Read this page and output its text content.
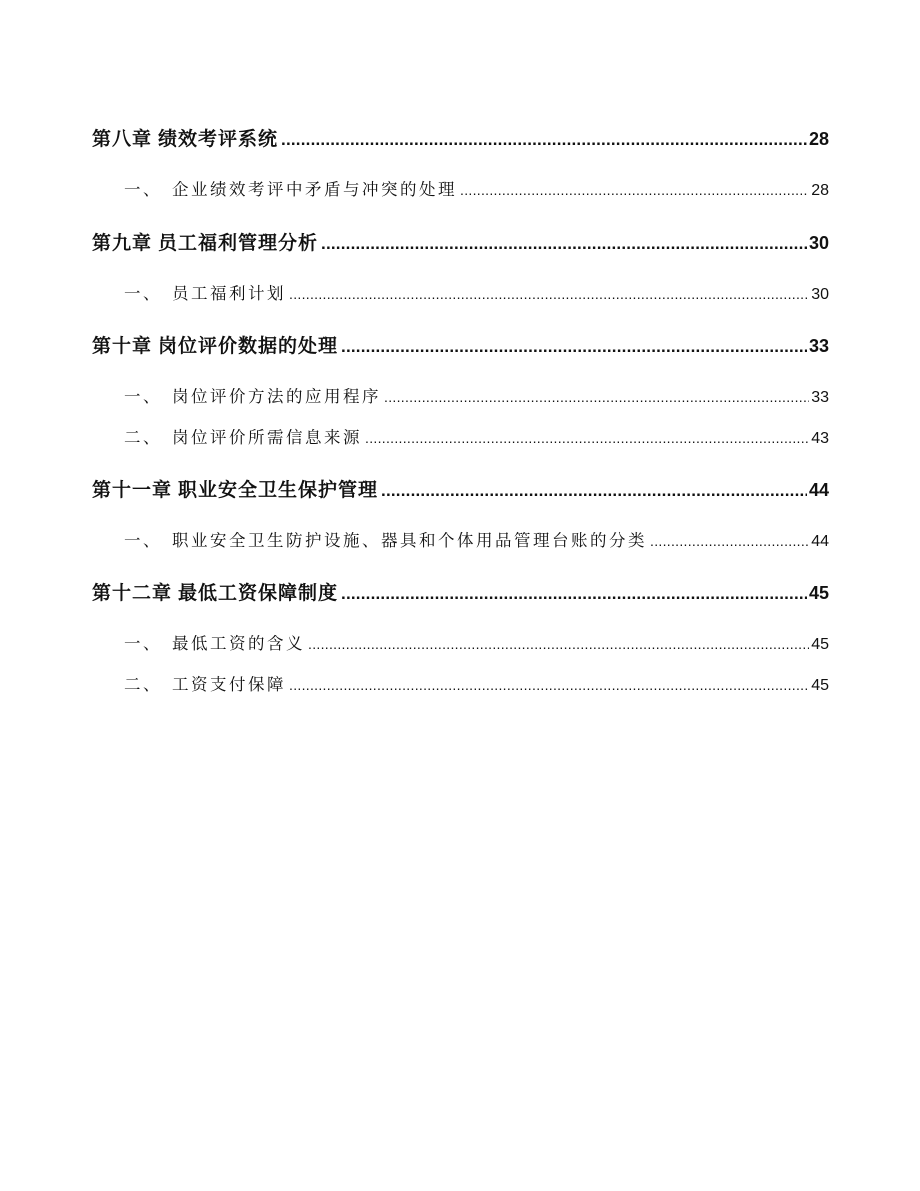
第八章 绩效考评系统 .....	28
一、 企业绩效考评中矛盾与冲突的处理 .....	28
第九章 员工福利管理分析 .....	30
一、 员工福利计划 .....	30
第十章 岗位评价数据的处理 .....	33
一、 岗位评价方法的应用程序 .....	33
二、 岗位评价所需信息来源 .....	43
第十一章 职业安全卫生保护管理 .....	44
一、 职业安全卫生防护设施、器具和个体用品管理台账的分类 .....	44
第十二章 最低工资保障制度 .....	45
一、 最低工资的含义 .....	45
二、 工资支付保障 .....	45
